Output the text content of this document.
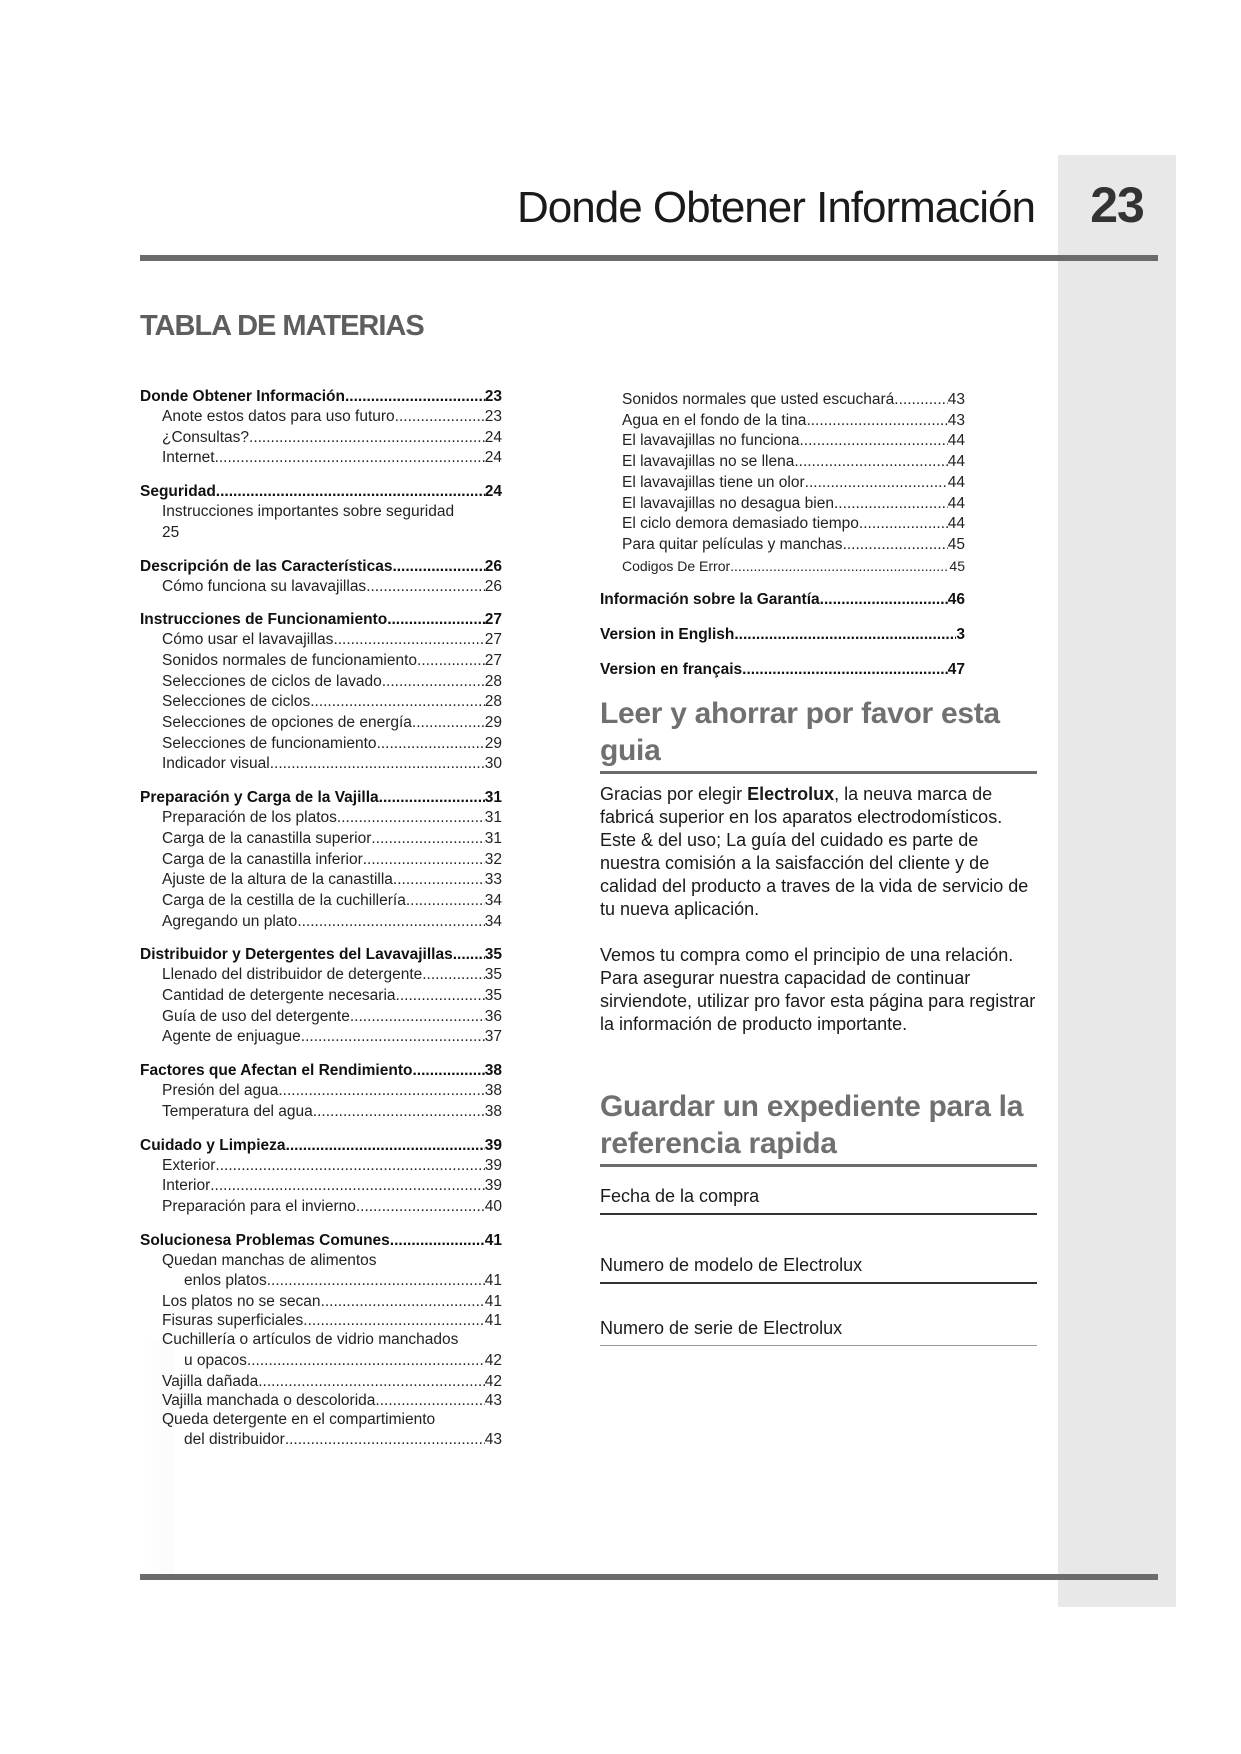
23
Donde Obtener Información
TABLA DE MATERIAS
Donde Obtener Información .....	23
Anote estos datos para uso futuro .....	23
¿Consultas? .....	24
Internet .....	24
Seguridad .....	24
Instrucciones importantes sobre seguridad
25
Descripción de las Características .....	26
Cómo funciona su lavavajillas .....	26
Instrucciones de Funcionamiento .....	27
Cómo usar el lavavajillas .....	27
Sonidos normales de funcionamiento .....	27
Selecciones de ciclos de lavado .....	28
Selecciones de ciclos .....	28
Selecciones de opciones de energía .....	29
Selecciones de funcionamiento .....	29
Indicador visual .....	30
Preparación y Carga de la Vajilla .....	31
Preparación de los platos .....	31
Carga de la canastilla superior .....	31
Carga de la canastilla inferior .....	32
Ajuste de la altura de la canastilla .....	33
Carga de la cestilla de la cuchillería .....	34
Agregando un plato .....	34
Distribuidor y Detergentes del Lavavajillas ..... 35
Llenado del distribuidor de detergente .....	35
Cantidad de detergente necesaria .....	35
Guía de uso del detergente .....	36
Agente de enjuague .....	37
Factores que Afectan el Rendimiento .....	38
Presión del agua .....	38
Temperatura del agua .....	38
Cuidado y Limpieza .....	39
Exterior .....	39
Interior .....	39
Preparación para el invierno .....	40
Solucionesa Problemas Comunes .....	41
Quedan manchas de alimentos
enlos platos .....	41
Los platos no se secan .....	41
Fisuras superficiales .....	41
Cuchillería o artículos de vidrio manchados
u opacos .....	42
Vajilla dañada .....	42
Vajilla manchada o descolorida .....	43
Queda detergente en el compartimiento
del distribuidor .....	43
Sonidos normales que usted escuchará .....	43
Agua en el fondo de la tina .....	43
El lavavajillas no funciona .....	44
El lavavajillas no se llena .....	44
El lavavajillas tiene un olor .....	44
El lavavajillas no desagua bien .....	44
El ciclo demora demasiado tiempo .....	44
Para quitar películas y manchas .....	45
Codigos De Error .....	45
Información sobre la Garantía .....	46
Version in English .....	3
Version en français .....	47
Leer y ahorrar por favor esta guia
Gracias por elegir Electrolux, la neuva marca de fabricá superior en los aparatos electrodomísticos. Este & del uso; La guía del cuidado es parte de nuestra comisión a la saisfacción del cliente y de calidad del producto a traves de la vida de servicio de tu nueva aplicación.
Vemos tu compra como el principio de una relación. Para asegurar nuestra capacidad de continuar sirviendote, utilizar pro favor esta página para registrar la información de producto importante.
Guardar un expediente para la referencia rapida
Fecha de la compra
Numero de modelo de Electrolux
Numero de serie de Electrolux
